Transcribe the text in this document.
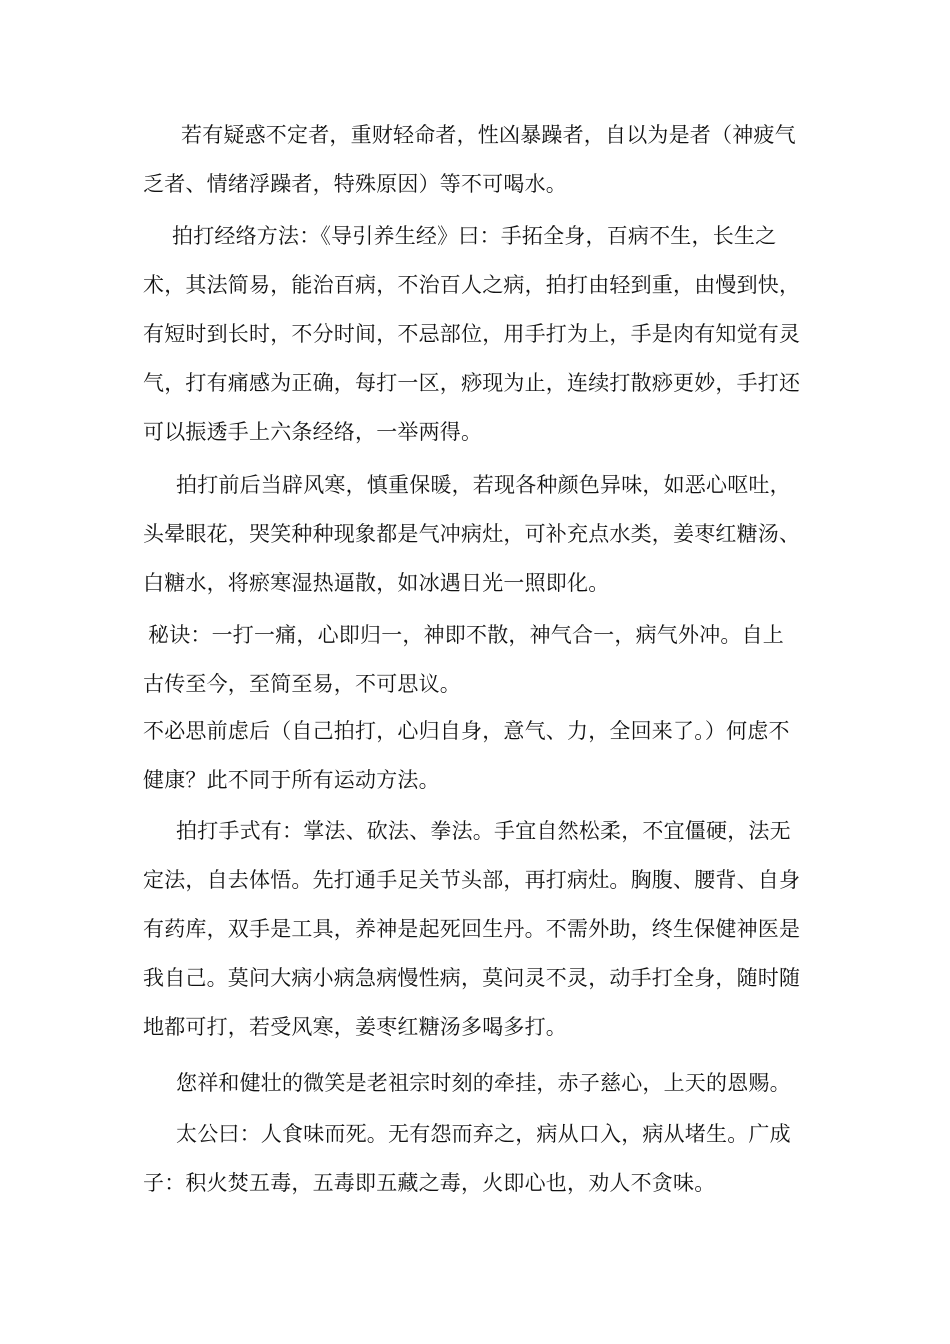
若有疑惑不定者，重财轻命者，性凶暴躁者，自以为是者（神疲气
乏者、情绪浮躁者，特殊原因）等不可喝水。
拍打经络方法：《导引养生经》曰：手拓全身，百病不生，长生之
术，其法简易，能治百病，不治百人之病，拍打由轻到重，由慢到快，
有短时到长时，不分时间，不忌部位，用手打为上，手是肉有知觉有灵
气，打有痛感为正确，每打一区，痧现为止，连续打散痧更妙，手打还
可以振透手上六条经络，一举两得。
拍打前后当辟风寒，慎重保暖，若现各种颜色异味，如恶心呕吐，
头晕眼花，哭笑种种现象都是气冲病灶，可补充点水类，姜枣红糖汤、
白糖水，将瘀寒湿热逼散，如冰遇日光一照即化。
秘诀：一打一痛，心即归一，神即不散，神气合一，病气外冲。自上
古传至今，至简至易，不可思议。
不必思前虑后（自己拍打，心归自身，意气、力，全回来了。）何虑不
健康？此不同于所有运动方法。
拍打手式有：掌法、砍法、拳法。手宜自然松柔，不宜僵硬，法无
定法，自去体悟。先打通手足关节头部，再打病灶。胸腹、腰背、自身
有药库，双手是工具，养神是起死回生丹。不需外助，终生保健神医是
我自己。莫问大病小病急病慢性病，莫问灵不灵，动手打全身，随时随
地都可打，若受风寒，姜枣红糖汤多喝多打。
您祥和健壮的微笑是老祖宗时刻的牵挂，赤子慈心，上天的恩赐。
太公曰：人食味而死。无有怨而弃之，病从口入，病从堵生。广成
子：积火焚五毒，五毒即五藏之毒，火即心也，劝人不贪味。
